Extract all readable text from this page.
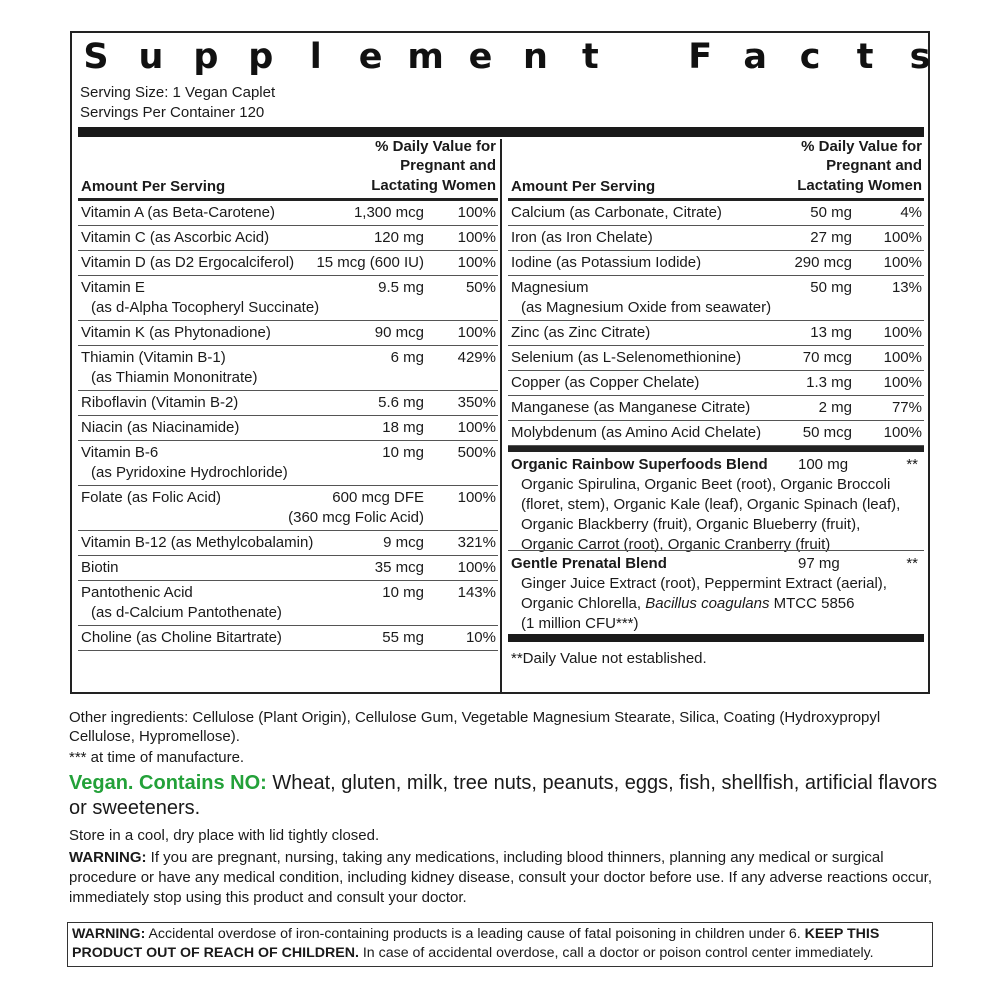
S u p p l e m e n t	F a c t s
Serving Size: 1 Vegan Caplet
Servings Per Container 120
Amount Per Serving
% Daily Value for
Pregnant and
Lactating Women
Vitamin A (as Beta-Carotene)	1,300 mcg 100%
Vitamin C (as Ascorbic Acid)	120 mg 100%
Vitamin D (as D2 Ergocalciferol) 15 mcg (600 IU) 100%
Vitamin E
(as d-Alpha Tocopheryl Succinate)
9.5 mg	50%
Vitamin K (as Phytonadione)	90 mcg 100%
Thiamin (Vitamin B-1)
(as Thiamin Mononitrate)
6 mg 429%
Riboflavin (Vitamin B-2)	5.6 mg 350%
Niacin (as Niacinamide)	18 mg 100%
Vitamin B-6
(as Pyridoxine Hydrochloride)
10 mg 500%
Folate (as Folic Acid)	600 mcg DFE 100%
(360 mcg Folic Acid)
Vitamin B-12 (as Methylcobalamin)	9 mcg 321%
Biotin	35 mcg 100%
Pantothenic Acid
(as d-Calcium Pantothenate)
10 mg 143%
Choline (as Choline Bitartrate)	55 mg	10%
Amount Per Serving
% Daily Value for
Pregnant and
Lactating Women
Calcium (as Carbonate, Citrate)	50 mg	4%
Iron (as Iron Chelate)	27 mg 100%
Iodine (as Potassium Iodide)	290 mcg 100%
Magnesium
(as Magnesium Oxide from seawater)
50 mg	13%
Zinc (as Zinc Citrate)	13 mg 100%
Selenium (as L-Selenomethionine)	70 mcg 100%
Copper (as Copper Chelate)	1.3 mg 100%
Manganese (as Manganese Citrate)	2 mg	77%
Molybdenum (as Amino Acid Chelate)	50 mcg 100%
Organic Rainbow Superfoods Blend 100 mg	**
Organic Spirulina, Organic Beet (root), Organic Broccoli
(floret, stem), Organic Kale (leaf), Organic Spinach (leaf),
Organic Blackberry (fruit), Organic Blueberry (fruit),
Organic Carrot (root), Organic Cranberry (fruit)
Gentle Prenatal Blend	97 mg	**
Ginger Juice Extract (root), Peppermint Extract (aerial),
Organic Chlorella, Bacillus coagulans MTCC 5856
(1 million CFU***)
**Daily Value not established.
Other ingredients: Cellulose (Plant Origin), Cellulose Gum, Vegetable Magnesium Stearate, Silica, Coating (Hydroxypropyl Cellulose, Hypromellose).
*** at time of manufacture.
Vegan. Contains NO: Wheat, gluten, milk, tree nuts, peanuts, eggs, fish, shellfish, artificial flavors or sweeteners.
Store in a cool, dry place with lid tightly closed.
WARNING: If you are pregnant, nursing, taking any medications, including blood thinners, planning any medical or surgical procedure or have any medical condition, including kidney disease, consult your doctor before use. If any adverse reactions occur, immediately stop using this product and consult your doctor.
WARNING: Accidental overdose of iron-containing products is a leading cause of fatal poisoning in children under 6. KEEP THIS PRODUCT OUT OF REACH OF CHILDREN. In case of accidental overdose, call a doctor or poison control center immediately.
